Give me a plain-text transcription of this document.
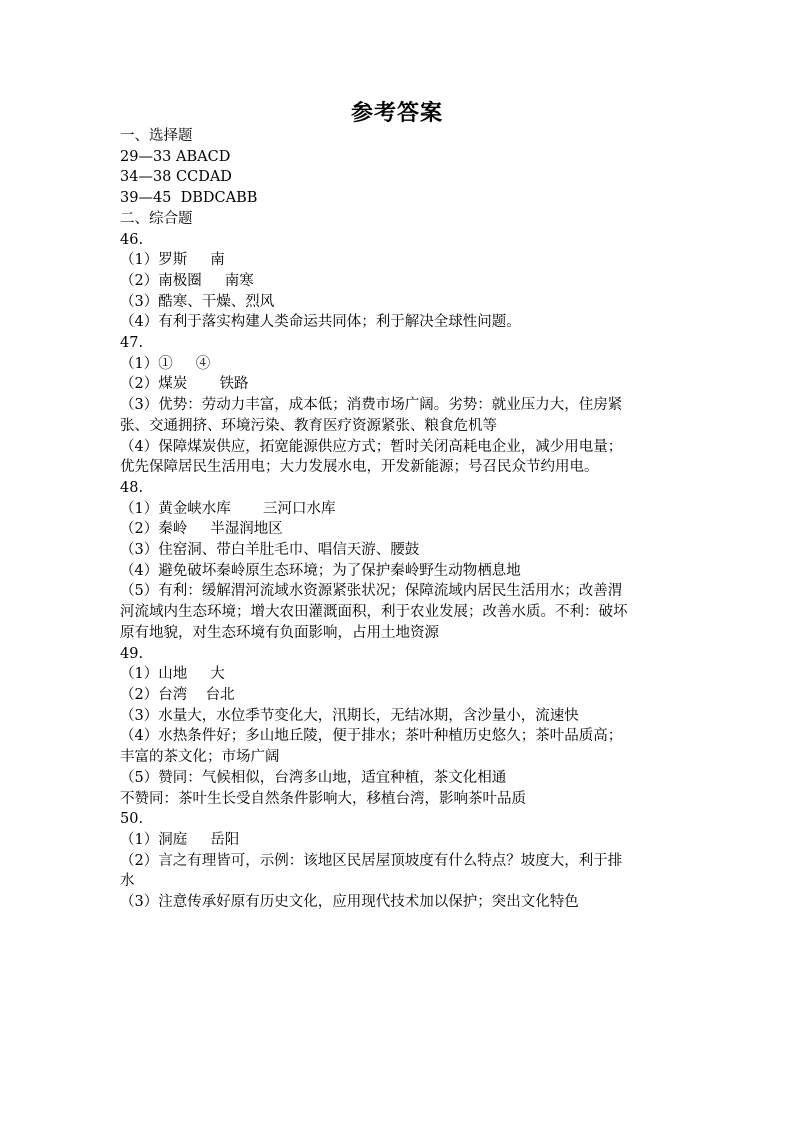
参考答案
一、选择题
29—33 ABACD
34—38 CCDAD
39—45  DBDCABB
二、综合题
46.
（1）罗斯     南
（2）南极圈     南寒
（3）酷寒、干燥、烈风
（4）有利于落实构建人类命运共同体；利于解决全球性问题。
47.
（1）①     ④
（2）煤炭       铁路
（3）优势：劳动力丰富，成本低；消费市场广阔。劣势：就业压力大，住房紧
张、交通拥挤、环境污染、教育医疗资源紧张、粮食危机等
（4）保障煤炭供应，拓宽能源供应方式；暂时关闭高耗电企业，减少用电量；
优先保障居民生活用电；大力发展水电，开发新能源；号召民众节约用电。
48.
（1）黄金峡水库       三河口水库
（2）秦岭     半湿润地区
（3）住窑洞、带白羊肚毛巾、唱信天游、腰鼓
（4）避免破坏秦岭原生态环境；为了保护秦岭野生动物栖息地
（5）有利：缓解渭河流域水资源紧张状况；保障流域内居民生活用水；改善渭
河流域内生态环境；增大农田灌溉面积，利于农业发展；改善水质。不利：破坏
原有地貌，对生态环境有负面影响，占用土地资源
49.
（1）山地     大
（2）台湾    台北
（3）水量大，水位季节变化大，汛期长，无结冰期，含沙量小，流速快
（4）水热条件好；多山地丘陵，便于排水；茶叶种植历史悠久；茶叶品质高；
丰富的茶文化；市场广阔
（5）赞同：气候相似，台湾多山地，适宜种植，茶文化相通
不赞同：茶叶生长受自然条件影响大，移植台湾，影响茶叶品质
50.
（1）洞庭     岳阳
（2）言之有理皆可，示例：该地区民居屋顶坡度有什么特点？坡度大，利于排
水
（3）注意传承好原有历史文化，应用现代技术加以保护；突出文化特色
